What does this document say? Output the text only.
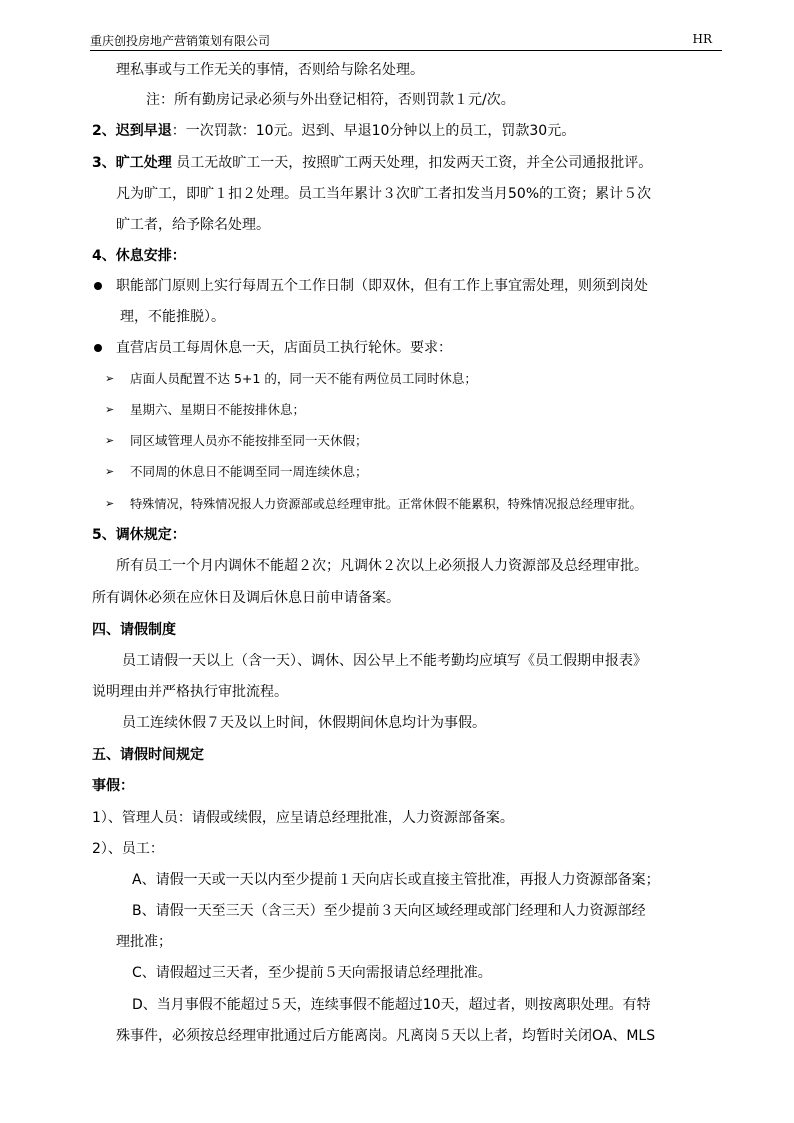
重庆创投房地产营销策划有限公司	HR
理私事或与工作无关的事情，否则给与除名处理。
注：所有勤房记录必须与外出登记相符，否则罚款１元/次。
2、迟到早退：一次罚款：10元。迟到、早退10分钟以上的员工，罚款30元。
3、旷工处理 员工无故旷工一天，按照旷工两天处理，扣发两天工资，并全公司通报批评。
凡为旷工，即旷１扣２处理。员工当年累计３次旷工者扣发当月50%的工资；累计５次
旷工者，给予除名处理。
4、休息安排：
职能部门原则上实行每周五个工作日制（即双休，但有工作上事宜需处理，则须到岗处
理，不能推脱）。
直营店员工每周休息一天，店面员工执行轮休。要求：
➢ 店面人员配置不达 5+1 的，同一天不能有两位员工同时休息；
➢ 星期六、星期日不能按排休息；
➢ 同区域管理人员亦不能按排至同一天休假；
➢ 不同周的休息日不能调至同一周连续休息；
➢ 特殊情况，特殊情况报人力资源部或总经理审批。正常休假不能累积，特殊情况报总经理审批。
5、调休规定：
所有员工一个月内调休不能超２次；凡调休２次以上必须报人力资源部及总经理审批。
所有调休必须在应休日及调后休息日前申请备案。
四、请假制度
员工请假一天以上（含一天）、调休、因公早上不能考勤均应填写《员工假期申报表》
说明理由并严格执行审批流程。
员工连续休假７天及以上时间，休假期间休息均计为事假。
五、请假时间规定
事假：
1）、管理人员：请假或续假，应呈请总经理批准，人力资源部备案。
2）、员工：
A、请假一天或一天以内至少提前１天向店长或直接主管批准，再报人力资源部备案；
B、请假一天至三天（含三天）至少提前３天向区域经理或部门经理和人力资源部经
理批准；
C、请假超过三天者，至少提前５天向需报请总经理批准。
D、当月事假不能超过５天，连续事假不能超过10天，超过者，则按离职处理。有特
殊事件，必须按总经理审批通过后方能离岗。凡离岗５天以上者，均暂时关闭OA、MLS
